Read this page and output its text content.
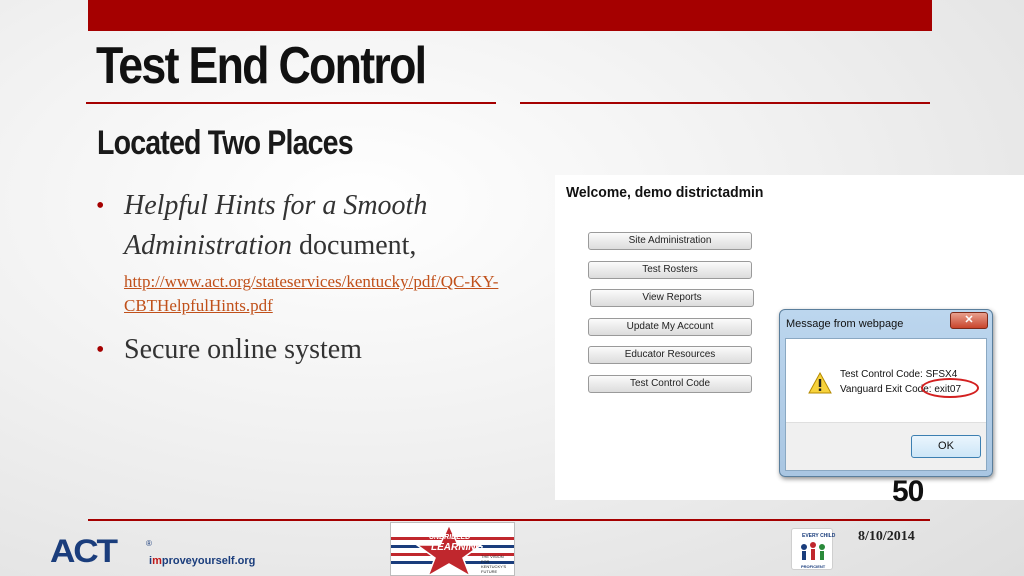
Test End Control
Located Two Places
• Helpful Hints for a Smooth Administration document,
http://www.act.org/stateservices/kentucky/pdf/QC-KY-CBTHelpfulHints.pdf
• Secure online system
Welcome, demo districtadmin
Site Administration
Test Rosters
View Reports
Update My Account
Educator Resources
Test Control Code
Message from webpage	✕
Test Control Code: SFSX4
Vanguard Exit Code: exit07
OK
50
ACT	®
improveyourself.org
UNBRIDLED
LEARNING
THE VISION FOR KENTUCKY'S FUTURE
EVERY CHILD
PROFICIENT
8/10/2014
